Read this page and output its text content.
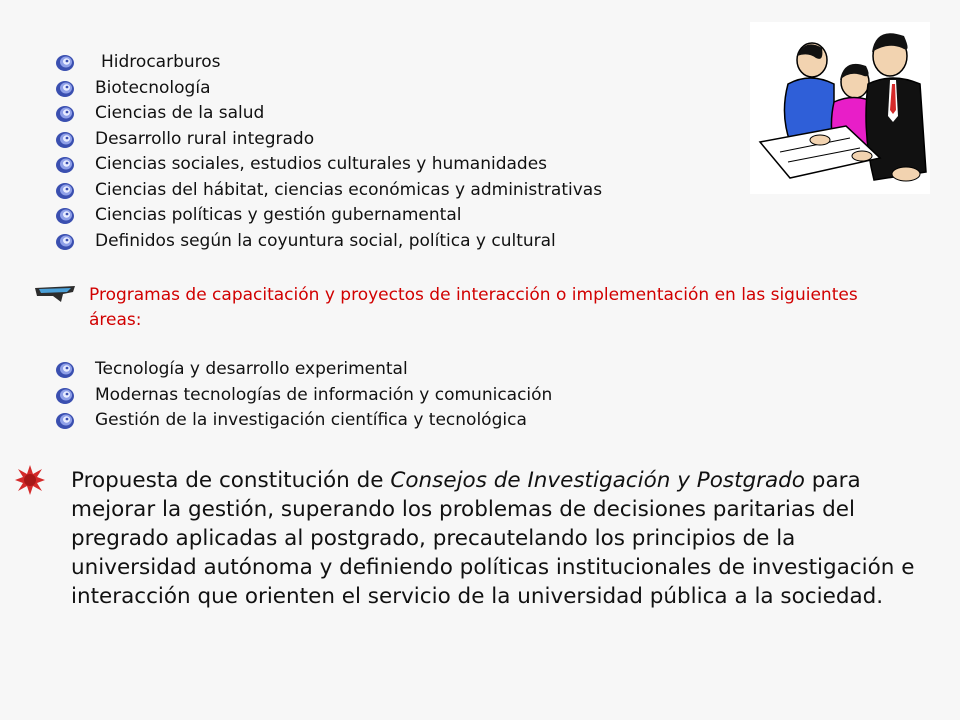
Hidrocarburos
Biotecnología
Ciencias de la salud
Desarrollo rural integrado
Ciencias sociales, estudios culturales y humanidades
Ciencias del hábitat, ciencias económicas y administrativas
Ciencias políticas y gestión gubernamental
Definidos según la coyuntura social, política y cultural

Programas de capacitación y proyectos de interacción o implementación en las siguientes áreas:

Tecnología y desarrollo experimental
Modernas tecnologías de información y comunicación
Gestión de la investigación científica y tecnológica

Propuesta de constitución de Consejos de Investigación y Postgrado para mejorar la gestión, superando los problemas de decisiones paritarias del pregrado aplicadas al postgrado, precautelando los principios de la universidad autónoma y definiendo políticas institucionales de investigación e interacción que orienten el servicio de la universidad pública a la sociedad.
